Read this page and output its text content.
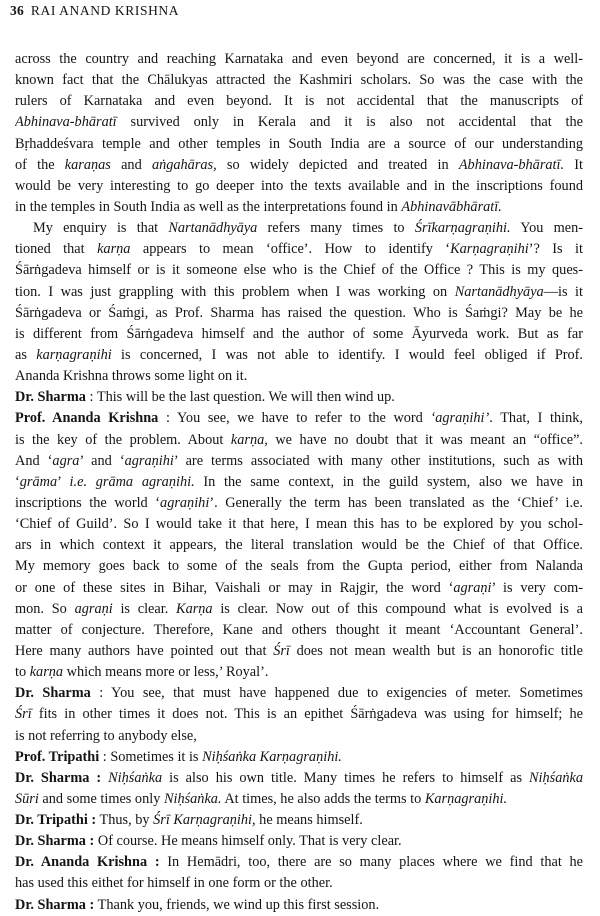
36 RAI ANAND KRISHNA
across the country and reaching Karnataka and even beyond are concerned, it is a well-
known fact that the Chālukyas attracted the Kashmiri scholars. So was the case with the
rulers of Karnataka and even beyond. It is not accidental that the manuscripts of
Abhinava-bhāratī survived only in Kerala and it is also not accidental that the
Bṛhaddeśvara temple and other temples in South India are a source of our understanding
of the karaṇas and aṅgahāras, so widely depicted and treated in Abhinava-bhāratī. It
would be very interesting to go deeper into the texts available and in the inscriptions found
in the temples in South India as well as the interpretations found in Abhinavābhāratī.
My enquiry is that Nartanādhyāya refers many times to Śrīkarṇagraṇihi. You men-
tioned that karṇa appears to mean ‘office’. How to identify ‘Karṇagraṇihi’? Is it
Śārṅgadeva himself or is it someone else who is the Chief of the Office ? This is my ques-
tion. I was just grappling with this problem when I was working on Nartanādhyāya—is it
Śārṅgadeva or Śaṁgi, as Prof. Sharma has raised the question. Who is Śaṁgi? May be he
is different from Śārṅgadeva himself and the author of some Āyurveda work. But as far
as karṇagraṇihi is concerned, I was not able to identify. I would feel obliged if Prof.
Ananda Krishna throws some light on it.
Dr. Sharma : This will be the last question. We will then wind up.
Prof. Ananda Krishna : You see, we have to refer to the word ‘agraṇihi’. That, I think,
is the key of the problem. About karṇa, we have no doubt that it was meant an “office”.
And ‘agra’ and ‘agraṇihi’ are terms associated with many other institutions, such as with
‘grāma’ i.e. grāma agraṇihi. In the same context, in the guild system, also we have in
inscriptions the world ‘agraṇihi’. Generally the term has been translated as the ‘Chief’ i.e.
‘Chief of Guild’. So I would take it that here, I mean this has to be explored by you schol-
ars in which context it appears, the literal translation would be the Chief of that Office.
My memory goes back to some of the seals from the Gupta period, either from Nalanda
or one of these sites in Bihar, Vaishali or may in Rajgir, the word ‘agraṇi’ is very com-
mon. So agraṇi is clear. Karṇa is clear. Now out of this compound what is evolved is a
matter of conjecture. Therefore, Kane and others thought it meant ‘Accountant General’.
Here many authors have pointed out that Śrī does not mean wealth but is an honorofic title
to karṇa which means more or less,’ Royal’.
Dr. Sharma : You see, that must have happened due to exigencies of meter. Sometimes
Śrī fits in other times it does not. This is an epithet Śārṅgadeva was using for himself; he
is not referring to anybody else,
Prof. Tripathi : Sometimes it is Niḥśaṅka Karṇagraṇihi.
Dr. Sharma : Niḥśaṅka is also his own title. Many times he refers to himself as Niḥśaṅka
Sūri and some times only Niḥśaṅka. At times, he also adds the terms to Karṇagraṇihi.
Dr. Tripathi : Thus, by Śrī Karṇagraṇihi, he means himself.
Dr. Sharma : Of course. He means himself only. That is very clear.
Dr. Ananda Krishna : In Hemādri, too, there are so many places where we find that he
has used this eithet for himself in one form or the other.
Dr. Sharma : Thank you, friends, we wind up this first session.
